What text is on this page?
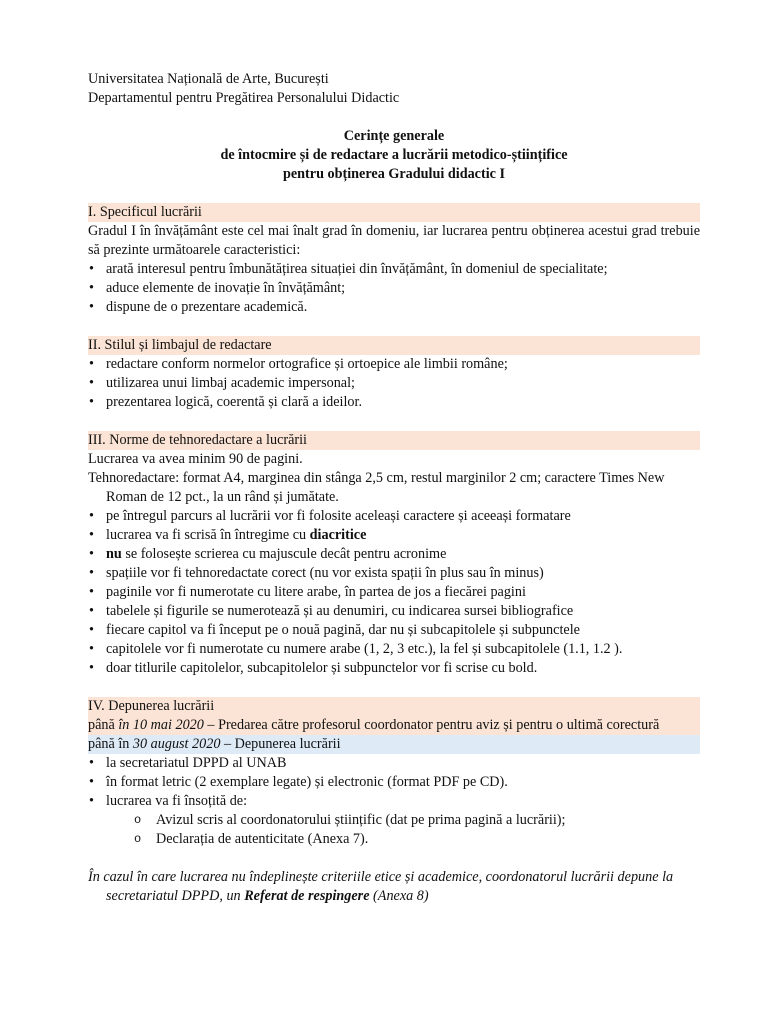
Universitatea Națională de Arte, București

Departamentul pentru Pregătirea Personalului Didactic

Cerințe generale

de întocmire și de redactare a lucrării metodico-științifice

pentru obținerea Gradului didactic I

I. Specificul lucrării

Gradul I în învățământ este cel mai înalt grad în domeniu, iar lucrarea pentru obținerea acestui grad trebuie să prezinte următoarele caracteristici:

• arată interesul pentru îmbunătățirea situației din învățământ, în domeniul de specialitate;
• aduce elemente de inovație în învățământ;
• dispune de o prezentare academică.

II. Stilul și limbajul de redactare

• redactare conform normelor ortografice și ortoepice ale limbii române;
• utilizarea unui limbaj academic impersonal;
• prezentarea logică, coerentă și clară a ideilor.

III. Norme de tehnoredactare a lucrării

Lucrarea va avea minim 90 de pagini.

Tehnoredactare: format A4, marginea din stânga 2,5 cm, restul marginilor 2 cm; caractere Times New Roman de 12 pct., la un rând și jumătate.

• pe întregul parcurs al lucrării vor fi folosite aceleași caractere și aceeași formatare
• lucrarea va fi scrisă în întregime cu diacritice
• nu se folosește scrierea cu majuscule decât pentru acronime
• spațiile vor fi tehnoredactate corect (nu vor exista spații în plus sau în minus)
• paginile vor fi numerotate cu litere arabe, în partea de jos a fiecărei pagini
• tabelele și figurile se numerotează și au denumiri, cu indicarea sursei bibliografice
• fiecare capitol va fi început pe o nouă pagină, dar nu și subcapitolele și subpunctele
• capitolele vor fi numerotate cu numere arabe (1, 2, 3 etc.), la fel și subcapitolele (1.1, 1.2 ).
• doar titlurile capitolelor, subcapitolelor și subpunctelor vor fi scrise cu bold.

IV. Depunerea lucrării

până în 10 mai 2020 – Predarea către profesorul coordonator pentru aviz și pentru o ultimă corectură

până în 30 august 2020 – Depunerea lucrării

• la secretariatul DPPD al UNAB
• în format letric (2 exemplare legate) și electronic (format PDF pe CD).
• lucrarea va fi însoțită de:
o Avizul scris al coordonatorului științific (dat pe prima pagină a lucrării);
o Declarația de autenticitate (Anexa 7).

În cazul în care lucrarea nu îndeplinește criteriile etice și academice, coordonatorul lucrării depune la secretariatul DPPD, un Referat de respingere (Anexa 8)
